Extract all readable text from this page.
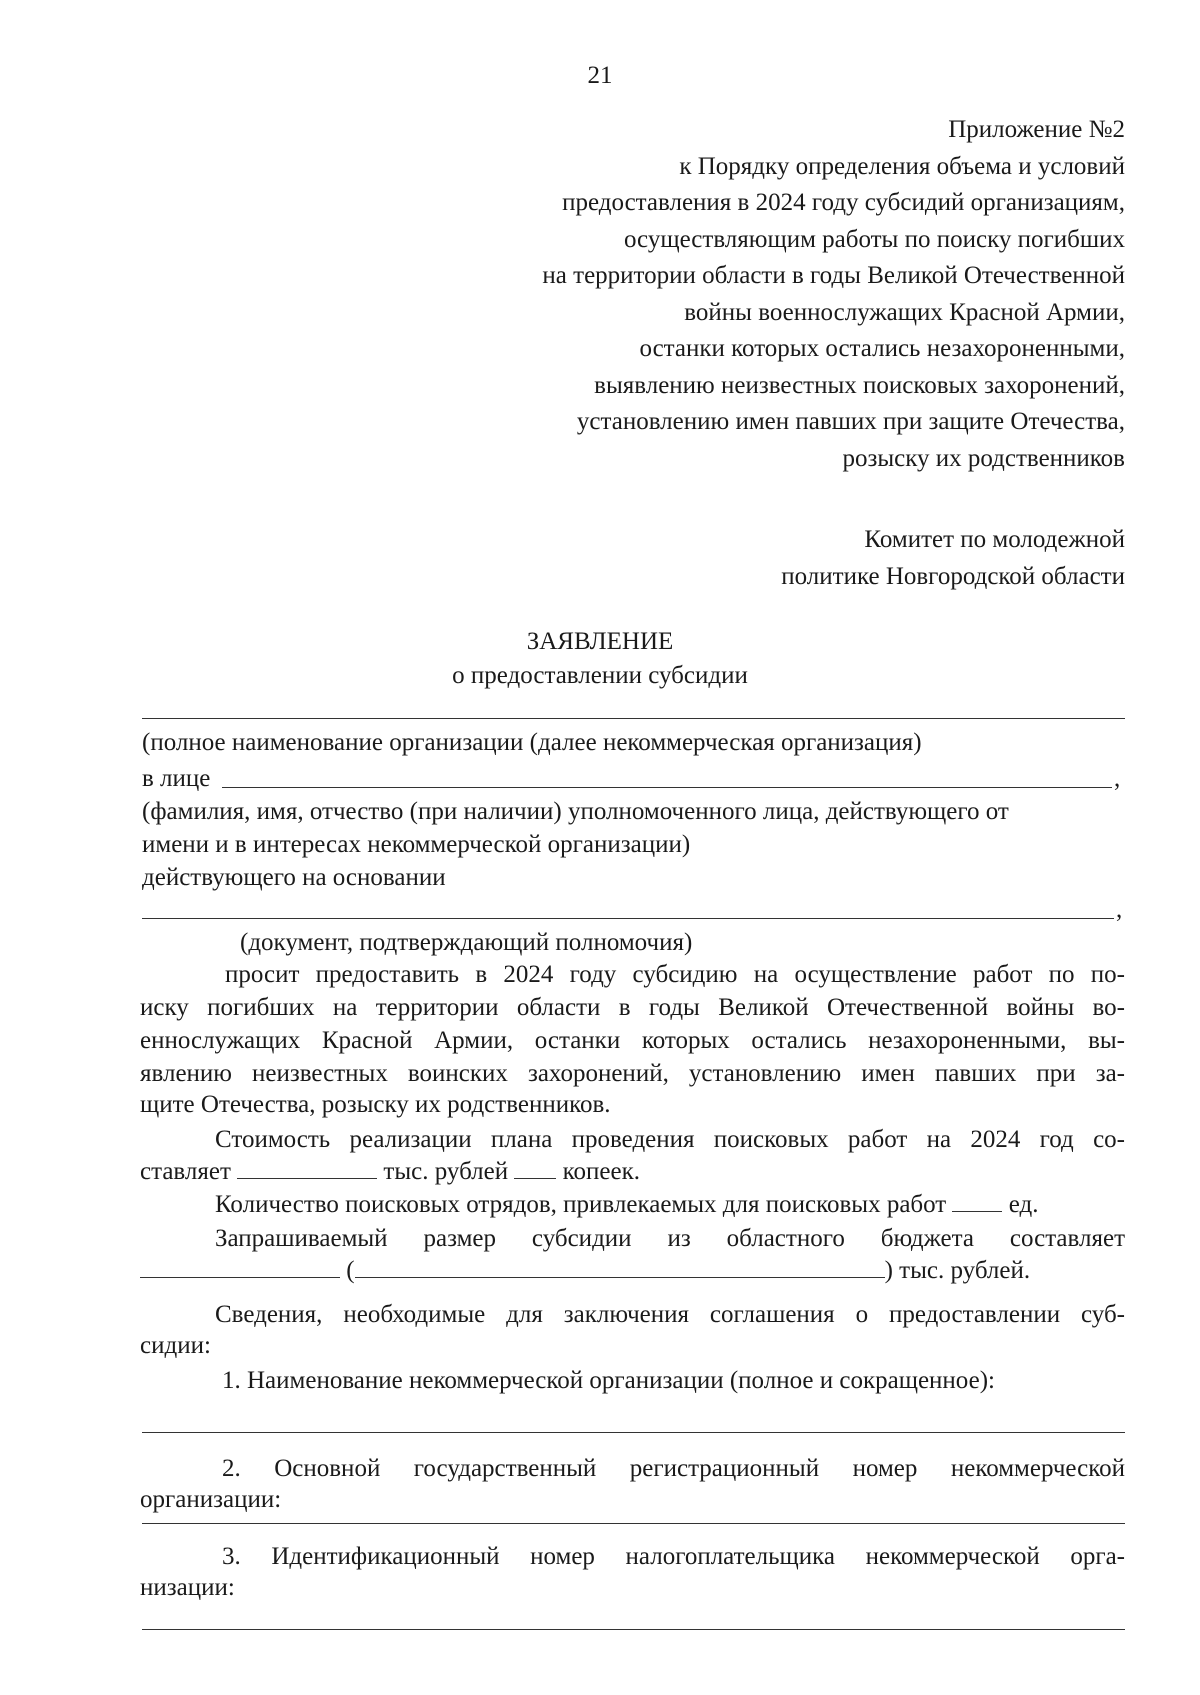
21
Приложение №2
к Порядку определения объема и условий
предоставления в 2024 году субсидий организациям,
осуществляющим работы по поиску погибших
на территории области в годы Великой Отечественной
войны военнослужащих Красной Армии,
останки которых остались незахороненными,
выявлению неизвестных поисковых захоронений,
установлению имен павших при защите Отечества,
розыску их родственников
Комитет по молодежной
политике Новгородской области
ЗАЯВЛЕНИЕ
о предоставлении субсидии
(полное наименование организации (далее некоммерческая организация)
в лице	,
(фамилия, имя, отчество (при наличии) уполномоченного лица, действующего от
имени и в интересах некоммерческой организации)
действующего на основании
,
(документ, подтверждающий полномочия)
просит предоставить в 2024 году субсидию на осуществление работ по по-
иску погибших на территории области в годы Великой Отечественной войны во-
еннослужащих Красной Армии, останки которых остались незахороненными, вы-
явлению неизвестных воинских захоронений, установлению имен павших при за-
щите Отечества, розыску их родственников.
Стоимость реализации плана проведения поисковых работ на 2024 год со-
ставляет	тыс. рублей копеек.
Количество поисковых отрядов, привлекаемых для поисковых работ	ед.
Запрашиваемый размер субсидии из областного бюджета составляет
(	) тыс. рублей.
Сведения, необходимые для заключения соглашения о предоставлении суб-
сидии:
1. Наименование некоммерческой организации (полное и сокращенное):
2. Основной государственный регистрационный номер некоммерческой
организации:
3. Идентификационный номер налогоплательщика некоммерческой орга-
низации:
